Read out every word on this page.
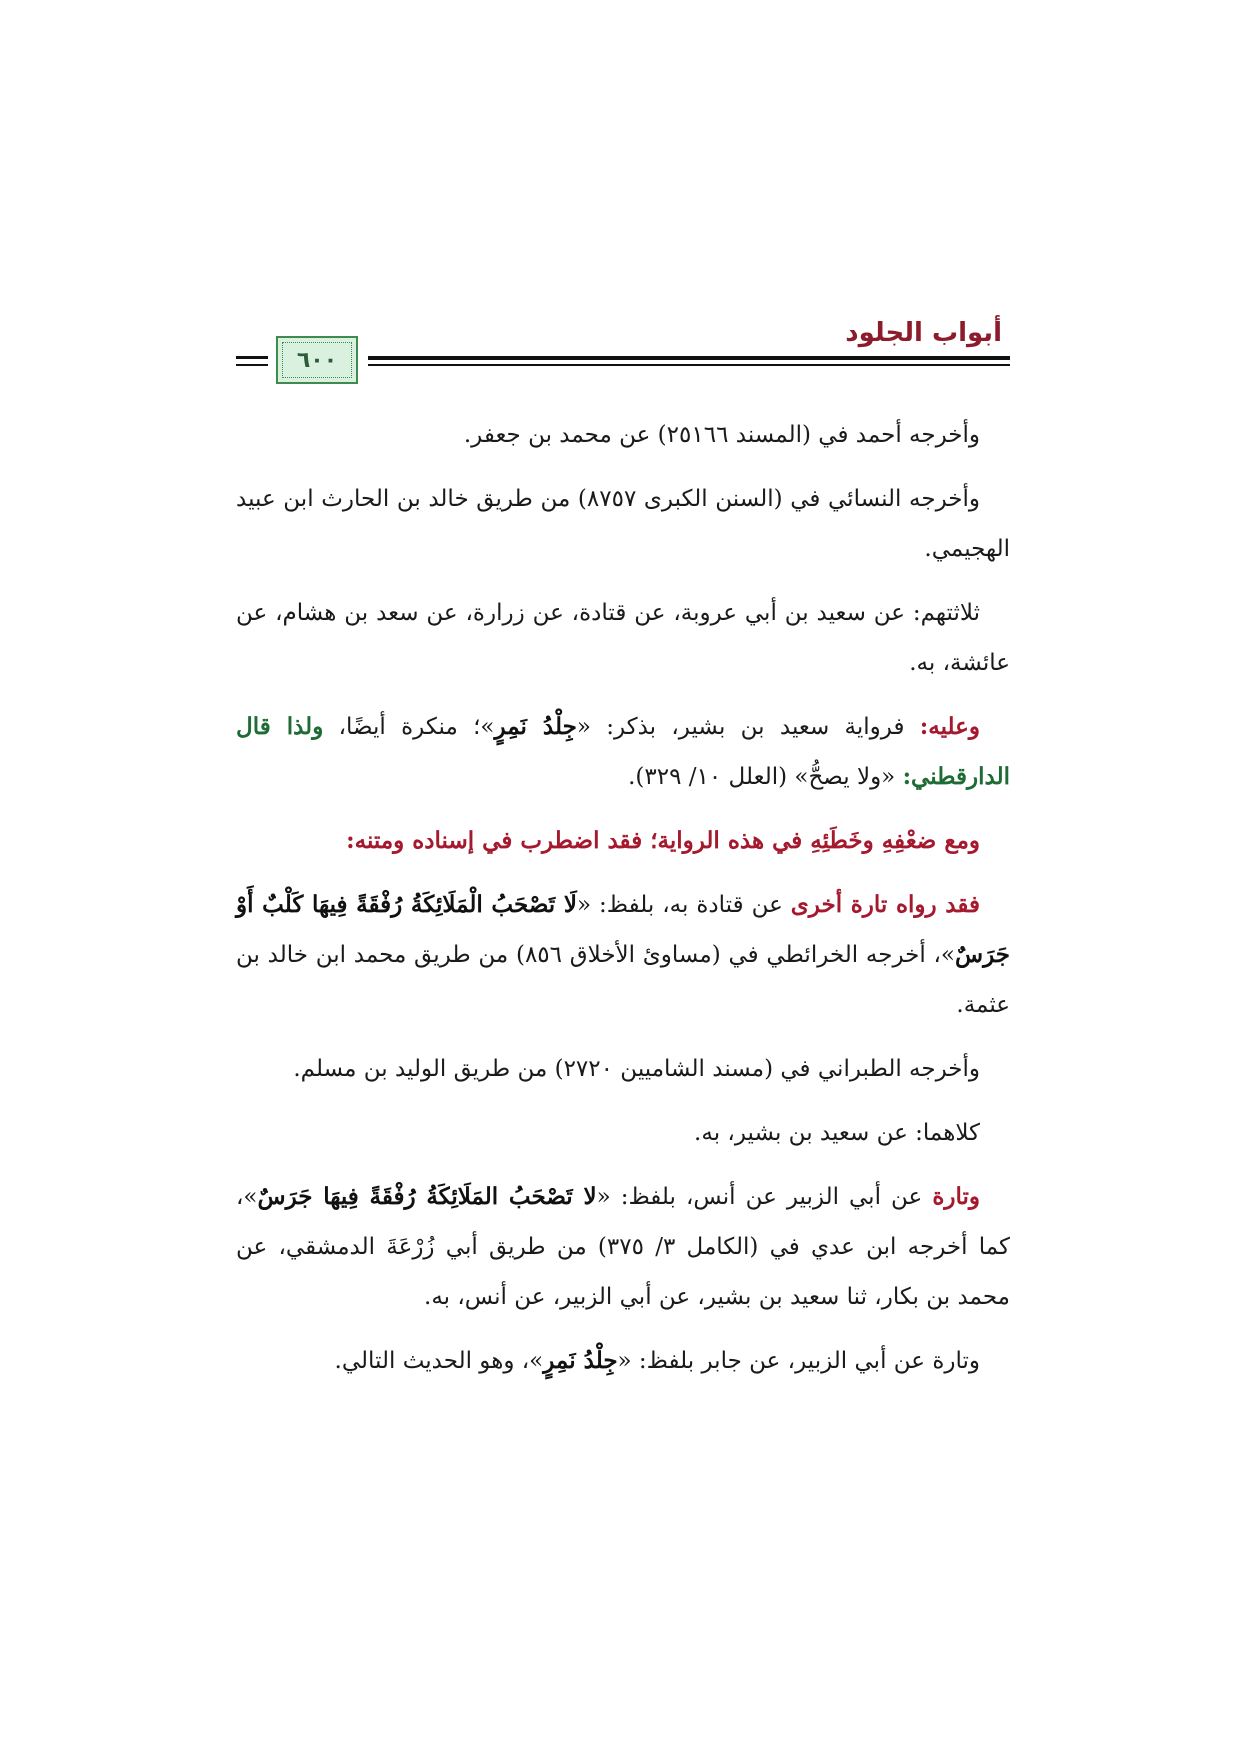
أبواب الجلود
٦٠٠

وأخرجه أحمد في (المسند ٢٥١٦٦) عن محمد بن جعفر.

وأخرجه النسائي في (السنن الكبرى ٨٧٥٧) من طريق خالد بن الحارث ابن عبيد الهجيمي.

ثلاثتهم: عن سعيد بن أبي عروبة، عن قتادة، عن زرارة، عن سعد بن هشام، عن عائشة، به.

وعليه: فرواية سعيد بن بشير، بذكر: «جِلْدُ نَمِرٍ»؛ منكرة أيضًا، ولذا قال الدارقطني: «ولا يصحُّ» (العلل ١٠/ ٣٢٩).

ومع ضعْفِهِ وخَطَئِهِ في هذه الرواية؛ فقد اضطرب في إسناده ومتنه:

فقد رواه تارة أخرى عن قتادة به، بلفظ: «لَا تَصْحَبُ الْمَلَائِكَةُ رُفْقَةً فِيهَا كَلْبٌ أَوْ جَرَسٌ»، أخرجه الخرائطي في (مساوئ الأخلاق ٨٥٦) من طريق محمد ابن خالد بن عثمة.

وأخرجه الطبراني في (مسند الشاميين ٢٧٢٠) من طريق الوليد بن مسلم.

كلاهما: عن سعيد بن بشير، به.

وتارة عن أبي الزبير عن أنس، بلفظ: «لا تَصْحَبُ المَلَائِكَةُ رُفْقَةً فِيهَا جَرَسٌ»، كما أخرجه ابن عدي في (الكامل ٣/ ٣٧٥) من طريق أبي زُرْعَةَ الدمشقي، عن محمد بن بكار، ثنا سعيد بن بشير، عن أبي الزبير، عن أنس، به.

وتارة عن أبي الزبير، عن جابر بلفظ: «جِلْدُ نَمِرٍ»، وهو الحديث التالي.
